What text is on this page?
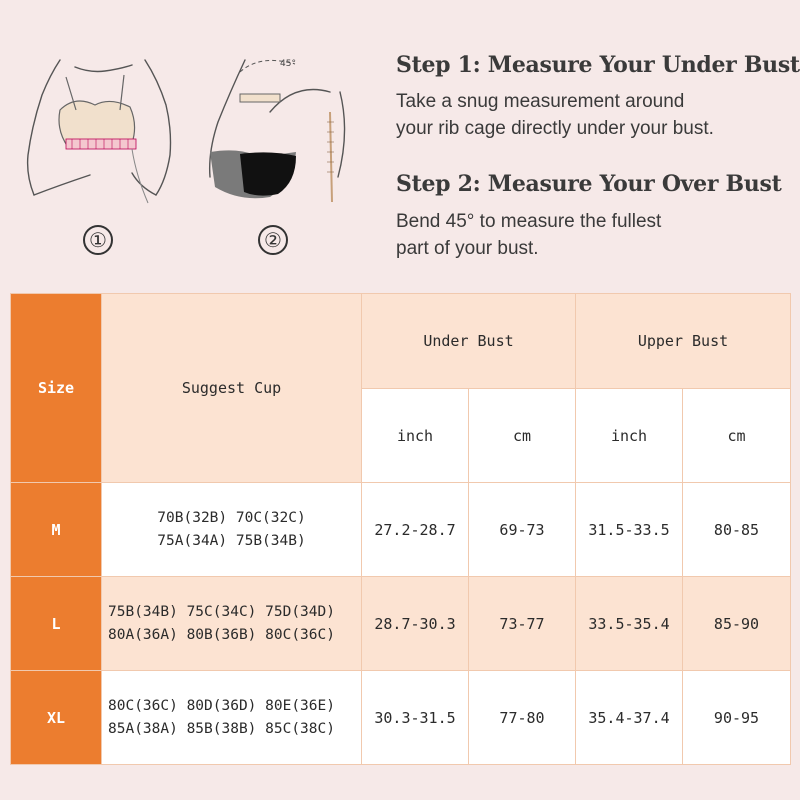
①
45°
②
Step 1: Measure Your Under Bust
Take a snug measurement around
your rib cage directly under your bust.
Step 2: Measure Your Over Bust
Bend 45° to measure the fullest
part of your bust.
Size	Suggest Cup	Under Bust		Upper Bust	
		inch	cm	inch	cm
M	70B(32B) 70C(32C)
75A(34A) 75B(34B)	27.2-28.7	69-73	31.5-33.5	80-85
L	75B(34B) 75C(34C) 75D(34D)
80A(36A) 80B(36B) 80C(36C)	28.7-30.3	73-77	33.5-35.4	85-90
XL	80C(36C) 80D(36D) 80E(36E)
85A(38A) 85B(38B) 85C(38C)	30.3-31.5	77-80	35.4-37.4	90-95
